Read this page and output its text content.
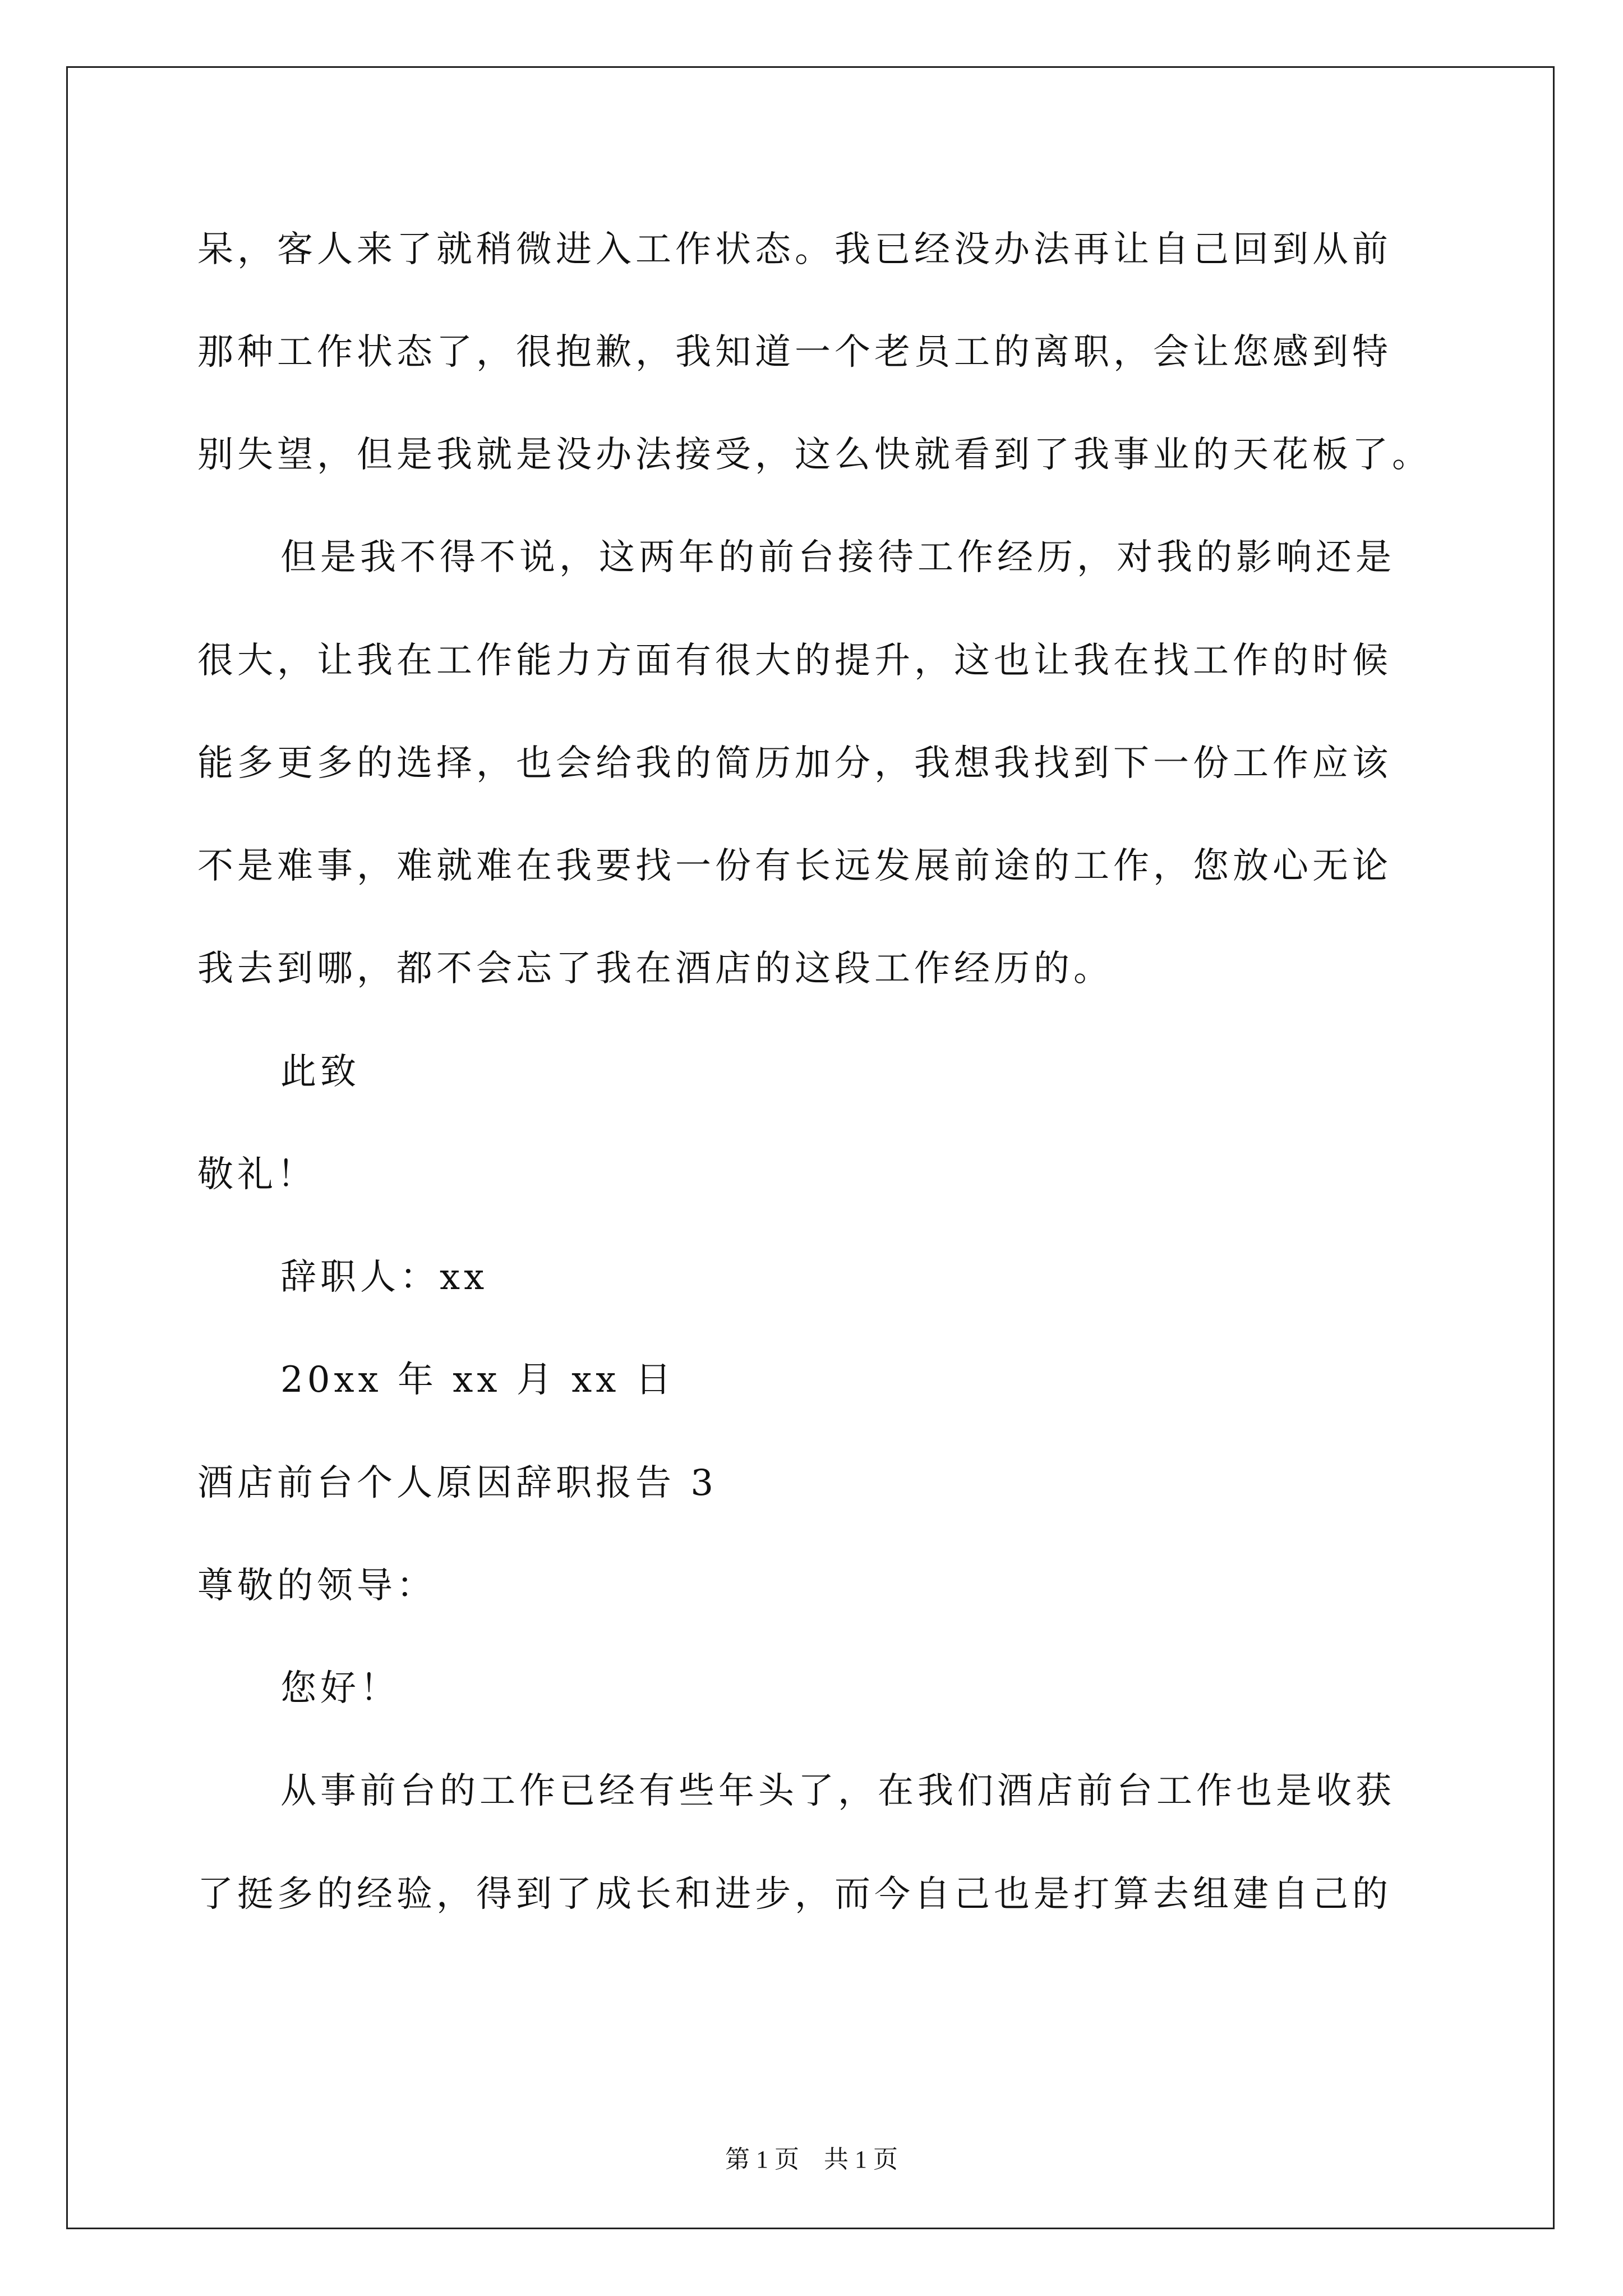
呆，客人来了就稍微进入工作状态。我已经没办法再让自己回到从前
那种工作状态了，很抱歉，我知道一个老员工的离职，会让您感到特
别失望，但是我就是没办法接受，这么快就看到了我事业的天花板了。
但是我不得不说，这两年的前台接待工作经历，对我的影响还是
很大，让我在工作能力方面有很大的提升，这也让我在找工作的时候
能多更多的选择，也会给我的简历加分，我想我找到下一份工作应该
不是难事，难就难在我要找一份有长远发展前途的工作，您放心无论
我去到哪，都不会忘了我在酒店的这段工作经历的。
此致
敬礼！
辞职人：xx
20xx 年 xx 月 xx 日
酒店前台个人原因辞职报告 3
尊敬的领导：
您好！
从事前台的工作已经有些年头了，在我们酒店前台工作也是收获
了挺多的经验，得到了成长和进步，而今自己也是打算去组建自己的
第 1 页　共 1 页
